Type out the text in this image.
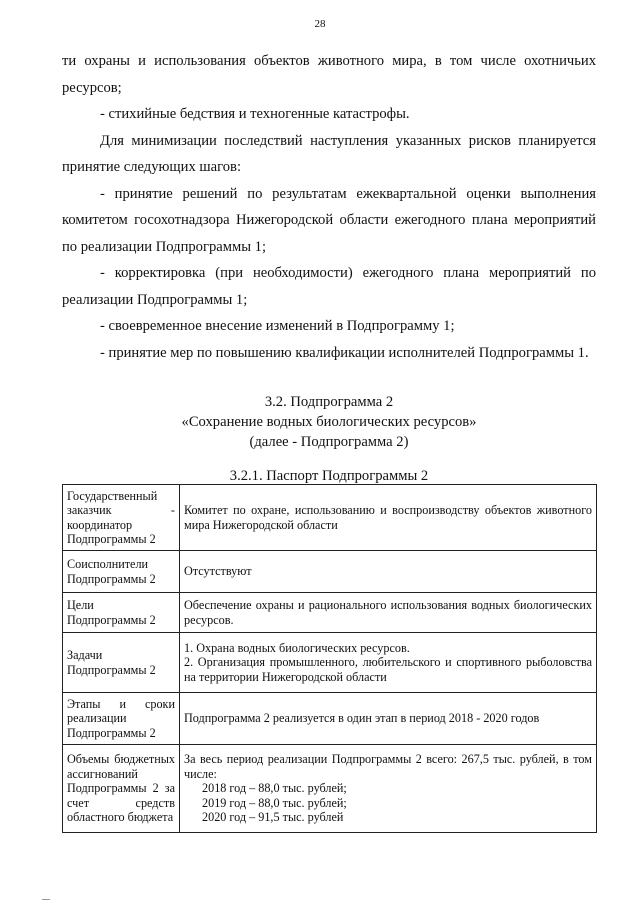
28

ти охраны и использования объектов животного мира, в том числе охотничьих ресурсов;

- стихийные бедствия и техногенные катастрофы.

Для минимизации последствий наступления указанных рисков планируется принятие следующих шагов:

- принятие решений по результатам ежеквартальной оценки выполнения комитетом госохотнадзора Нижегородской области ежегодного плана мероприятий по реализации Подпрограммы 1;

- корректировка (при необходимости) ежегодного плана мероприятий по реализации Подпрограммы 1;

- своевременное внесение изменений в Подпрограмму 1;

- принятие мер по повышению квалификации исполнителей Подпрограммы 1.

3.2. Подпрограмма 2
«Сохранение водных биологических ресурсов»
(далее - Подпрограмма 2)
3.2.1. Паспорт Подпрограммы 2
Государственный заказчик - координатор Подпрограммы 2	Комитет по охране, использованию и воспроизводству объектов животного мира Нижегородской области
Соисполнители Подпрограммы 2	Отсутствуют
Цели Подпрограммы 2	Обеспечение охраны и рационального использования водных биологических ресурсов.
Задачи Подпрограммы 2	1. Охрана водных биологических ресурсов.
2. Организация промышленного, любительского и спортивного рыболовства на территории Нижегородской области

Этапы и сроки реализации Подпрограммы 2	Подпрограмма 2 реализуется в один этап в период 2018 - 2020 годов
Объемы бюджетных ассигнований Подпрограммы 2 за счет средств областного бюджета	За весь период реализации Подпрограммы 2 всего: 267,5 тыс. рублей, в том числе:
2018 год – 88,0 тыс. рублей;
2019 год – 88,0 тыс. рублей;
2020 год – 91,5 тыс. рублей
